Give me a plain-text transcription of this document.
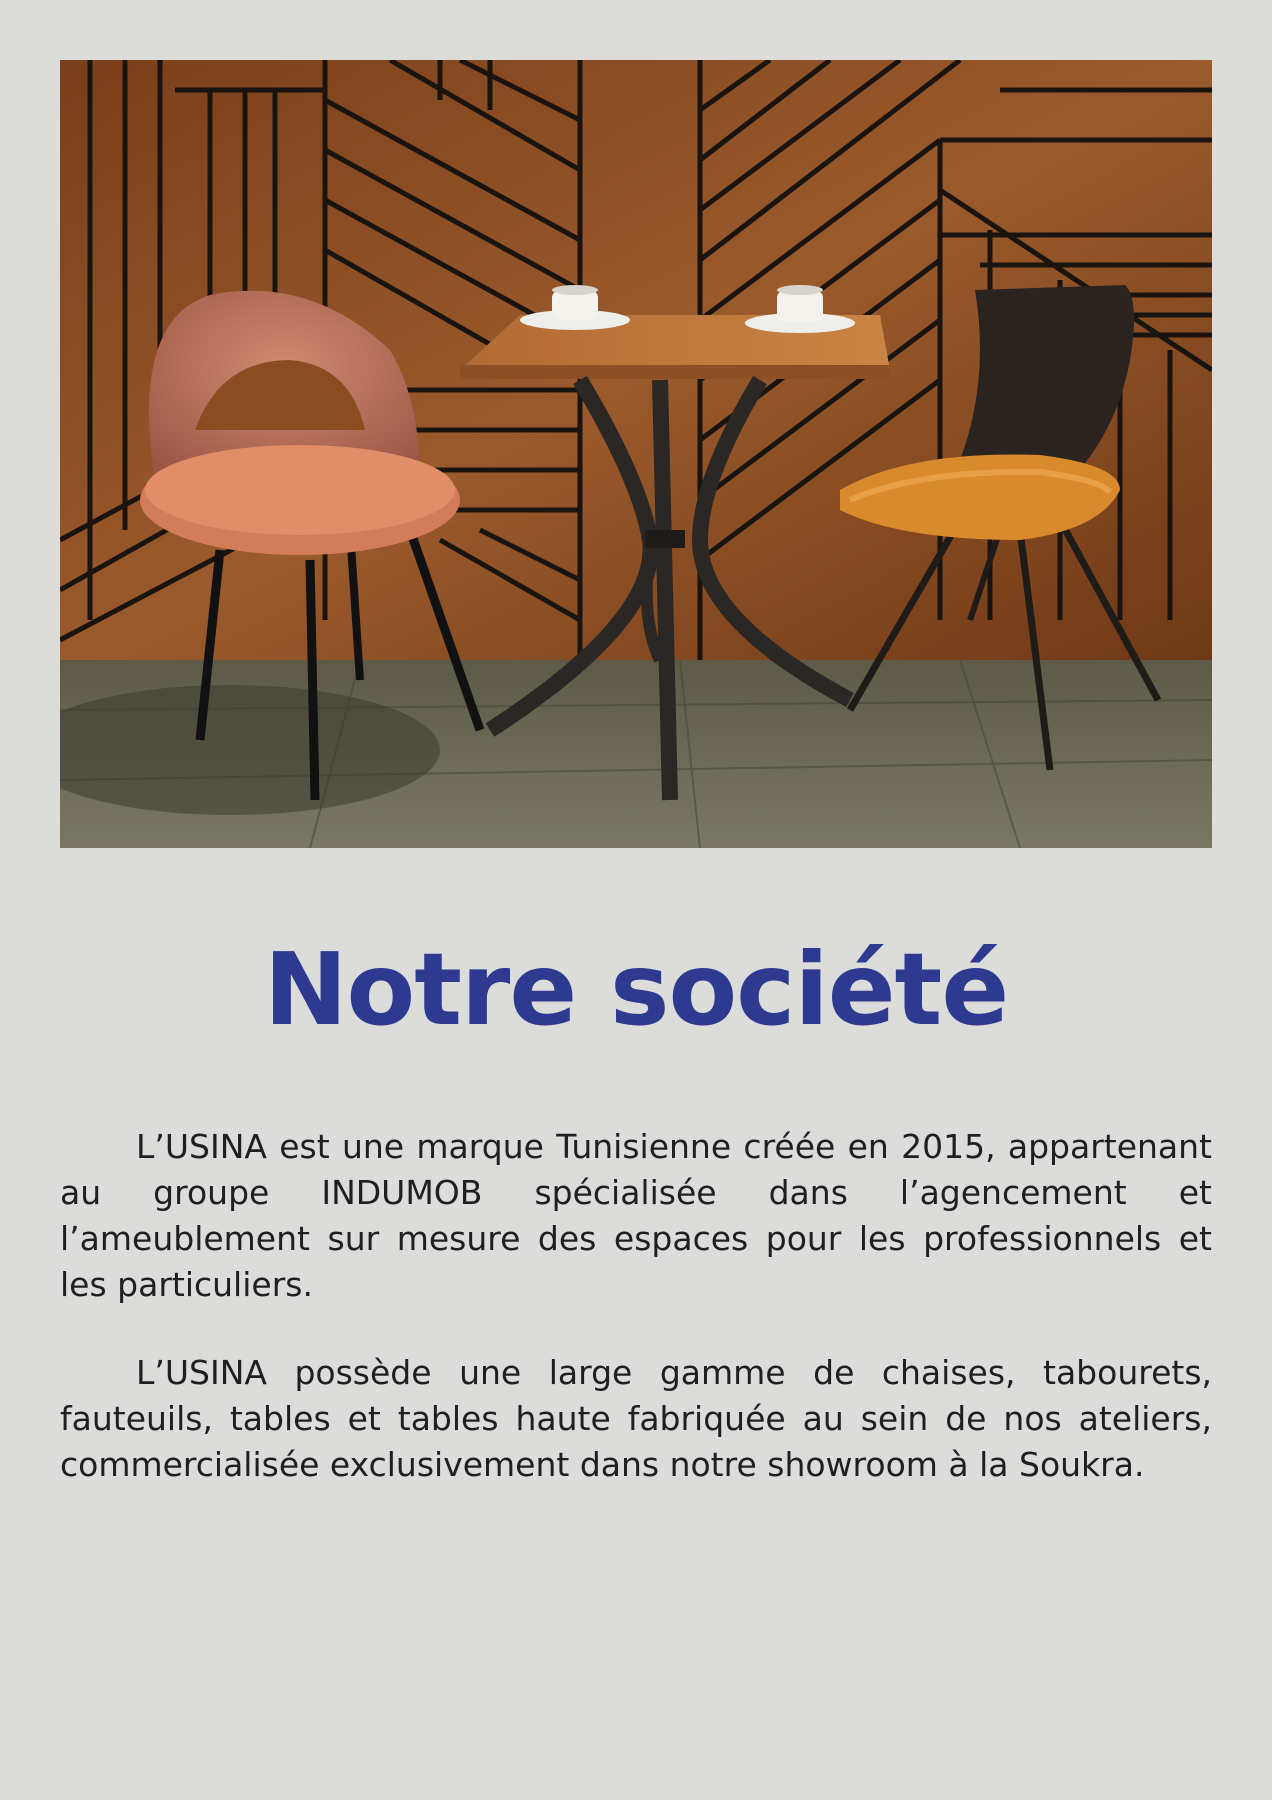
Notre société

L’USINA est une marque Tunisienne créée en 2015, appartenant au groupe INDUMOB spécialisée dans l’agencement et l’ameublement sur mesure des espaces pour les professionnels et les particuliers.

L’USINA possède une large gamme de chaises, tabourets, fauteuils, tables et tables haute fabriquée au sein de nos ateliers, commercialisée exclusivement dans notre showroom à la Soukra.
